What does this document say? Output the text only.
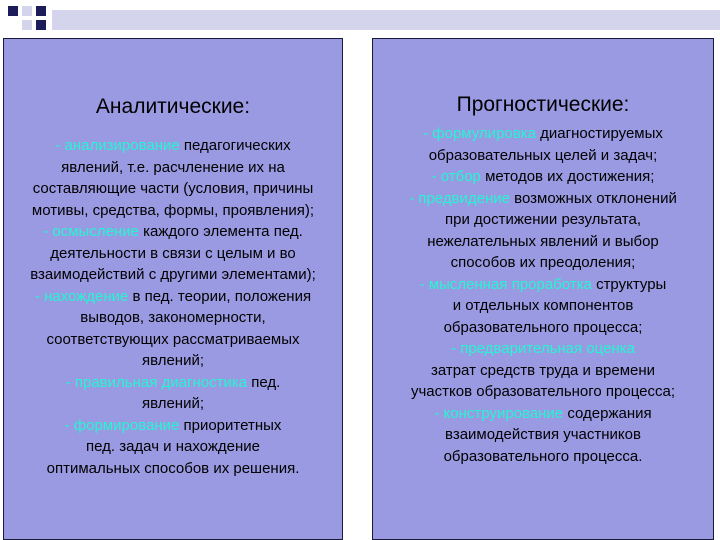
Аналитические:
- анализирование педагогических
явлений, т.е. расчленение их на
составляющие части (условия, причины
мотивы, средства, формы, проявления);
- осмысление каждого элемента пед.
деятельности в связи с целым и во
взаимодействий с другими элементами);
- нахождение в пед. теории, положения
выводов, закономерности,
соответствующих рассматриваемых
явлений;
- правильная диагностика пед.
явлений;
- формирование приоритетных
пед. задач и нахождение
оптимальных способов их решения.
Прогностические:
- формулировка диагностируемых
образовательных целей и задач;
- отбор методов их достижения;
- предвидение возможных отклонений
при достижении результата,
нежелательных явлений и выбор
способов их преодоления;
- мысленная проработка структуры
и отдельных компонентов
образовательного процесса;
- предварительная оценка
затрат средств труда и времени
участков образовательного процесса;
- конструирование содержания
взаимодействия участников
образовательного процесса.
